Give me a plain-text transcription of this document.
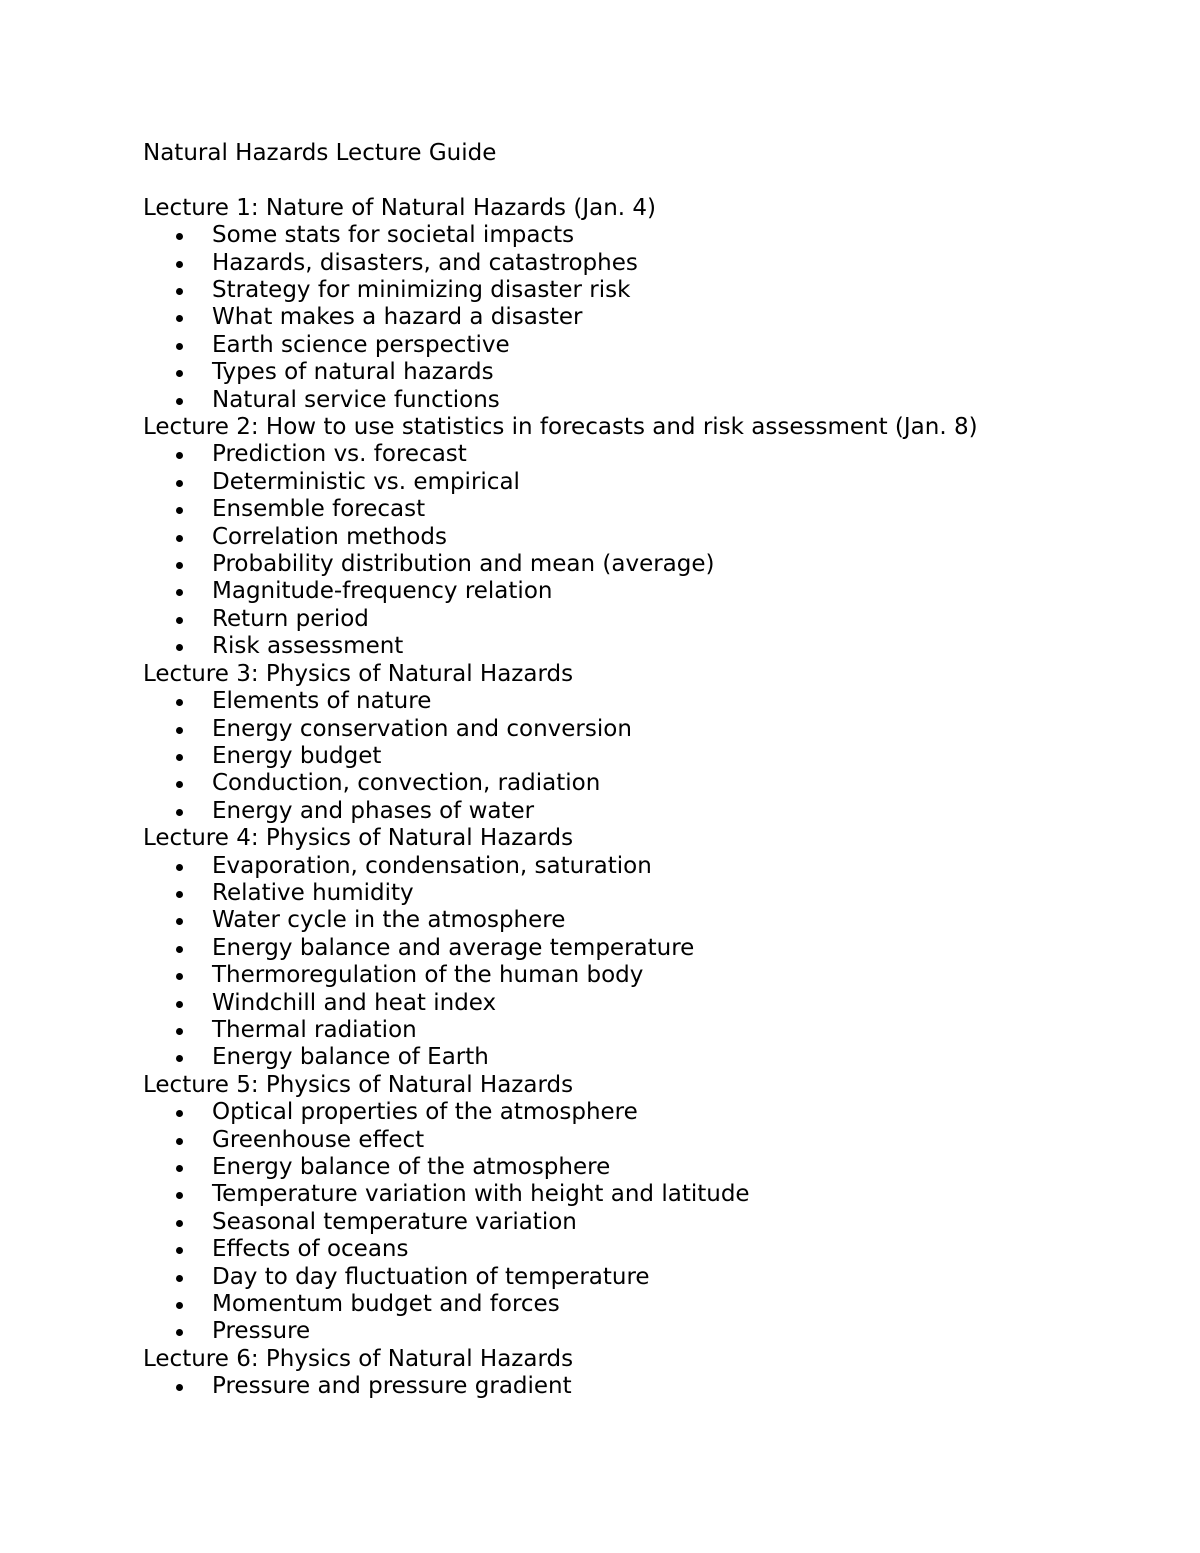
Natural Hazards Lecture Guide

Lecture 1: Nature of Natural Hazards (Jan. 4)

Some stats for societal impacts
Hazards, disasters, and catastrophes
Strategy for minimizing disaster risk
What makes a hazard a disaster
Earth science perspective
Types of natural hazards
Natural service functions

Lecture 2: How to use statistics in forecasts and risk assessment (Jan. 8)

Prediction vs. forecast
Deterministic vs. empirical
Ensemble forecast
Correlation methods
Probability distribution and mean (average)
Magnitude-frequency relation
Return period
Risk assessment

Lecture 3: Physics of Natural Hazards

Elements of nature
Energy conservation and conversion
Energy budget
Conduction, convection, radiation
Energy and phases of water

Lecture 4: Physics of Natural Hazards

Evaporation, condensation, saturation
Relative humidity
Water cycle in the atmosphere
Energy balance and average temperature
Thermoregulation of the human body
Windchill and heat index
Thermal radiation
Energy balance of Earth

Lecture 5: Physics of Natural Hazards

Optical properties of the atmosphere
Greenhouse effect
Energy balance of the atmosphere
Temperature variation with height and latitude
Seasonal temperature variation
Effects of oceans
Day to day fluctuation of temperature
Momentum budget and forces
Pressure

Lecture 6: Physics of Natural Hazards

Pressure and pressure gradient
